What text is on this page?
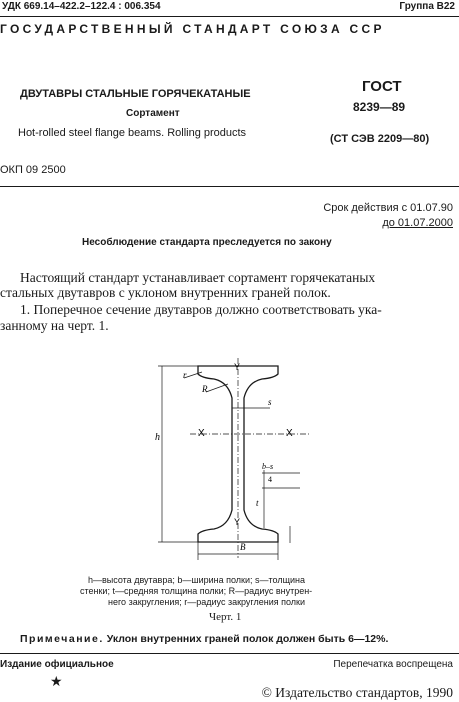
УДК 669.14–422.2–122.4 : 006.354	Группа В22
ГОСУДАРСТВЕННЫЙ СТАНДАРТ СОЮЗА ССР
ДВУТАВРЫ СТАЛЬНЫЕ ГОРЯЧЕКАТАНЫЕ
Сортамент
Hot-rolled steel flange beams. Rolling products
ГОСТ
8239—89
(СТ СЭВ 2209—80)
ОКП 09 2500
Срок действия с 01.07.90
до 01.07.2000
Несоблюдение стандарта преследуется по закону
Настоящий стандарт устанавливает сортамент горячекатаных
стальных двутавров с уклоном внутренних граней полок.
1. Поперечное сечение двутавров должно соответствовать ука-
занному на черт. 1.
Y
Y
X	X
h
s
B
r
R
t
b–s
4
h—высота двутавра; b—ширина полки; s—толщина
стенки; t—средняя толщина полки; R—радиус внутрен-
него закругления; r—радиус закругления полки
Черт. 1
Примечание. Уклон внутренних граней полок должен быть 6—12%.
Издание официальное	Перепечатка воспрещена
★
© Издательство стандартов, 1990
